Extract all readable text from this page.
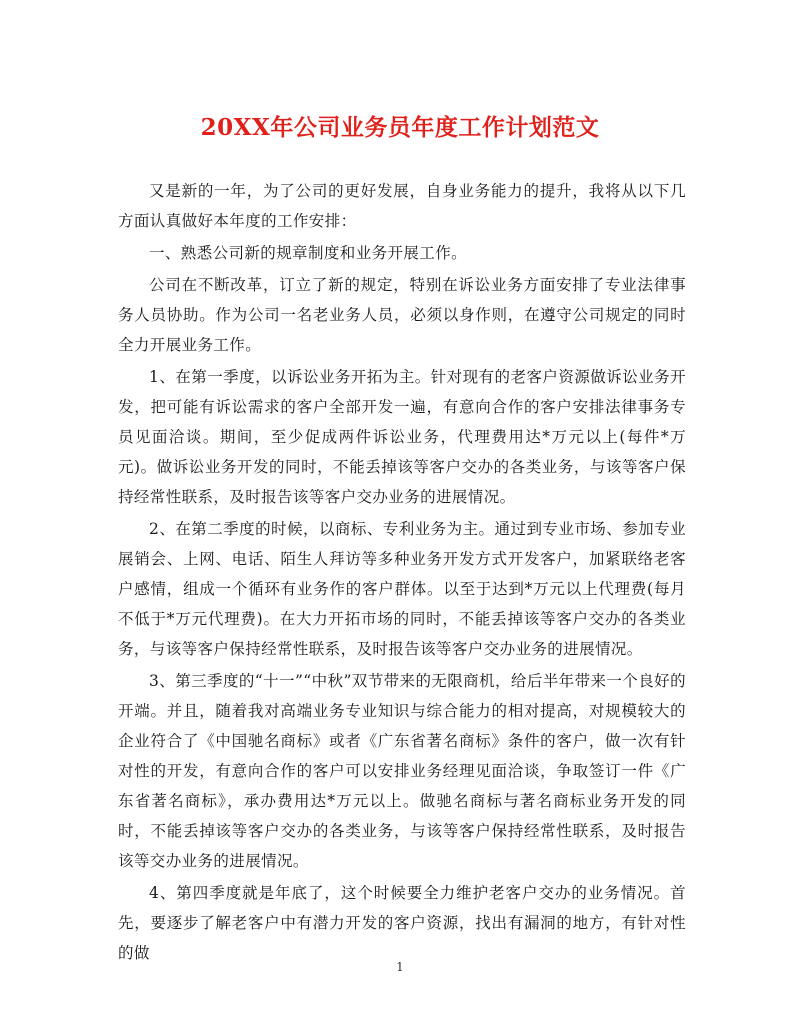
20XX年公司业务员年度工作计划范文

又是新的一年，为了公司的更好发展，自身业务能力的提升，我将从以下几方面认真做好本年度的工作安排：

一、熟悉公司新的规章制度和业务开展工作。

公司在不断改革，订立了新的规定，特别在诉讼业务方面安排了专业法律事务人员协助。作为公司一名老业务人员，必须以身作则，在遵守公司规定的同时全力开展业务工作。

1、在第一季度，以诉讼业务开拓为主。针对现有的老客户资源做诉讼业务开发，把可能有诉讼需求的客户全部开发一遍，有意向合作的客户安排法律事务专员见面洽谈。期间，至少促成两件诉讼业务，代理费用达*万元以上(每件*万元)。做诉讼业务开发的同时，不能丢掉该等客户交办的各类业务，与该等客户保持经常性联系，及时报告该等客户交办业务的进展情况。

2、在第二季度的时候，以商标、专利业务为主。通过到专业市场、参加专业展销会、上网、电话、陌生人拜访等多种业务开发方式开发客户，加紧联络老客户感情，组成一个循环有业务作的客户群体。以至于达到*万元以上代理费(每月不低于*万元代理费)。在大力开拓市场的同时，不能丢掉该等客户交办的各类业务，与该等客户保持经常性联系，及时报告该等客户交办业务的进展情况。

3、第三季度的“十一”“中秋”双节带来的无限商机，给后半年带来一个良好的开端。并且，随着我对高端业务专业知识与综合能力的相对提高，对规模较大的企业符合了《中国驰名商标》或者《广东省著名商标》条件的客户，做一次有针对性的开发，有意向合作的客户可以安排业务经理见面洽谈，争取签订一件《广东省著名商标》，承办费用达*万元以上。做驰名商标与著名商标业务开发的同时，不能丢掉该等客户交办的各类业务，与该等客户保持经常性联系，及时报告该等交办业务的进展情况。

4、第四季度就是年底了，这个时候要全力维护老客户交办的业务情况。首先，要逐步了解老客户中有潜力开发的客户资源，找出有漏洞的地方，有针对性的做

1
